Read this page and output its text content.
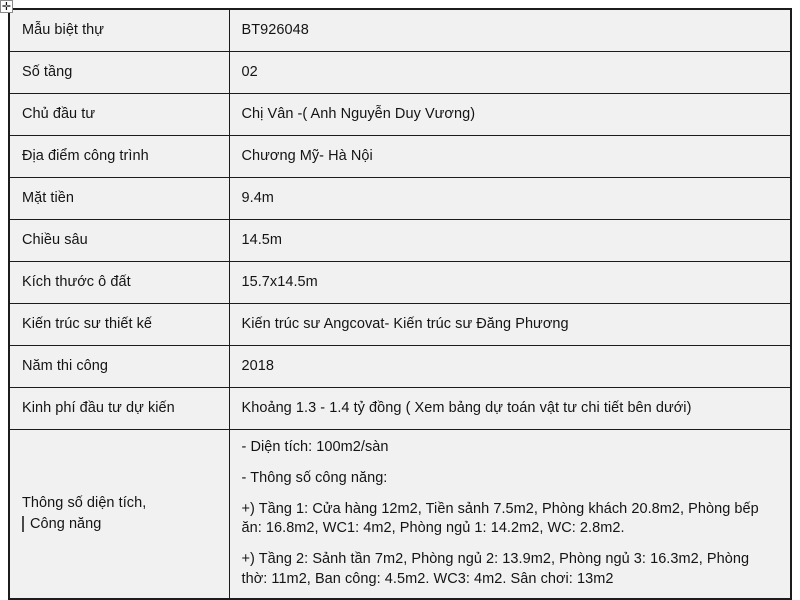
✛
Mẫu biệt thự	BT926048
Số tầng	02
Chủ đầu tư	Chị Vân -( Anh Nguyễn Duy Vương)
Địa điểm công trình	Chương Mỹ- Hà Nội
Mặt tiền	9.4m
Chiều sâu	14.5m
Kích thước ô đất	15.7x14.5m
Kiến trúc sư thiết kế	Kiến trúc sư Angcovat- Kiến trúc sư Đăng Phương
Năm thi công	2018
Kinh phí đầu tư dự kiến	Khoảng 1.3 - 1.4 tỷ đồng ( Xem bảng dự toán vật tư chi tiết bên dưới)

Thông số diện tích,
Công năng	- Diện tích: 100m2/sàn
- Thông số công năng:
+) Tầng 1: Cửa hàng 12m2, Tiền sảnh 7.5m2, Phòng khách 20.8m2, Phòng bếp ăn: 16.8m2, WC1: 4m2, Phòng ngủ 1: 14.2m2, WC: 2.8m2.
+) Tầng 2: Sảnh tần 7m2, Phòng ngủ 2: 13.9m2, Phòng ngủ 3: 16.3m2, Phòng thờ: 11m2, Ban công: 4.5m2. WC3: 4m2. Sân chơi: 13m2
